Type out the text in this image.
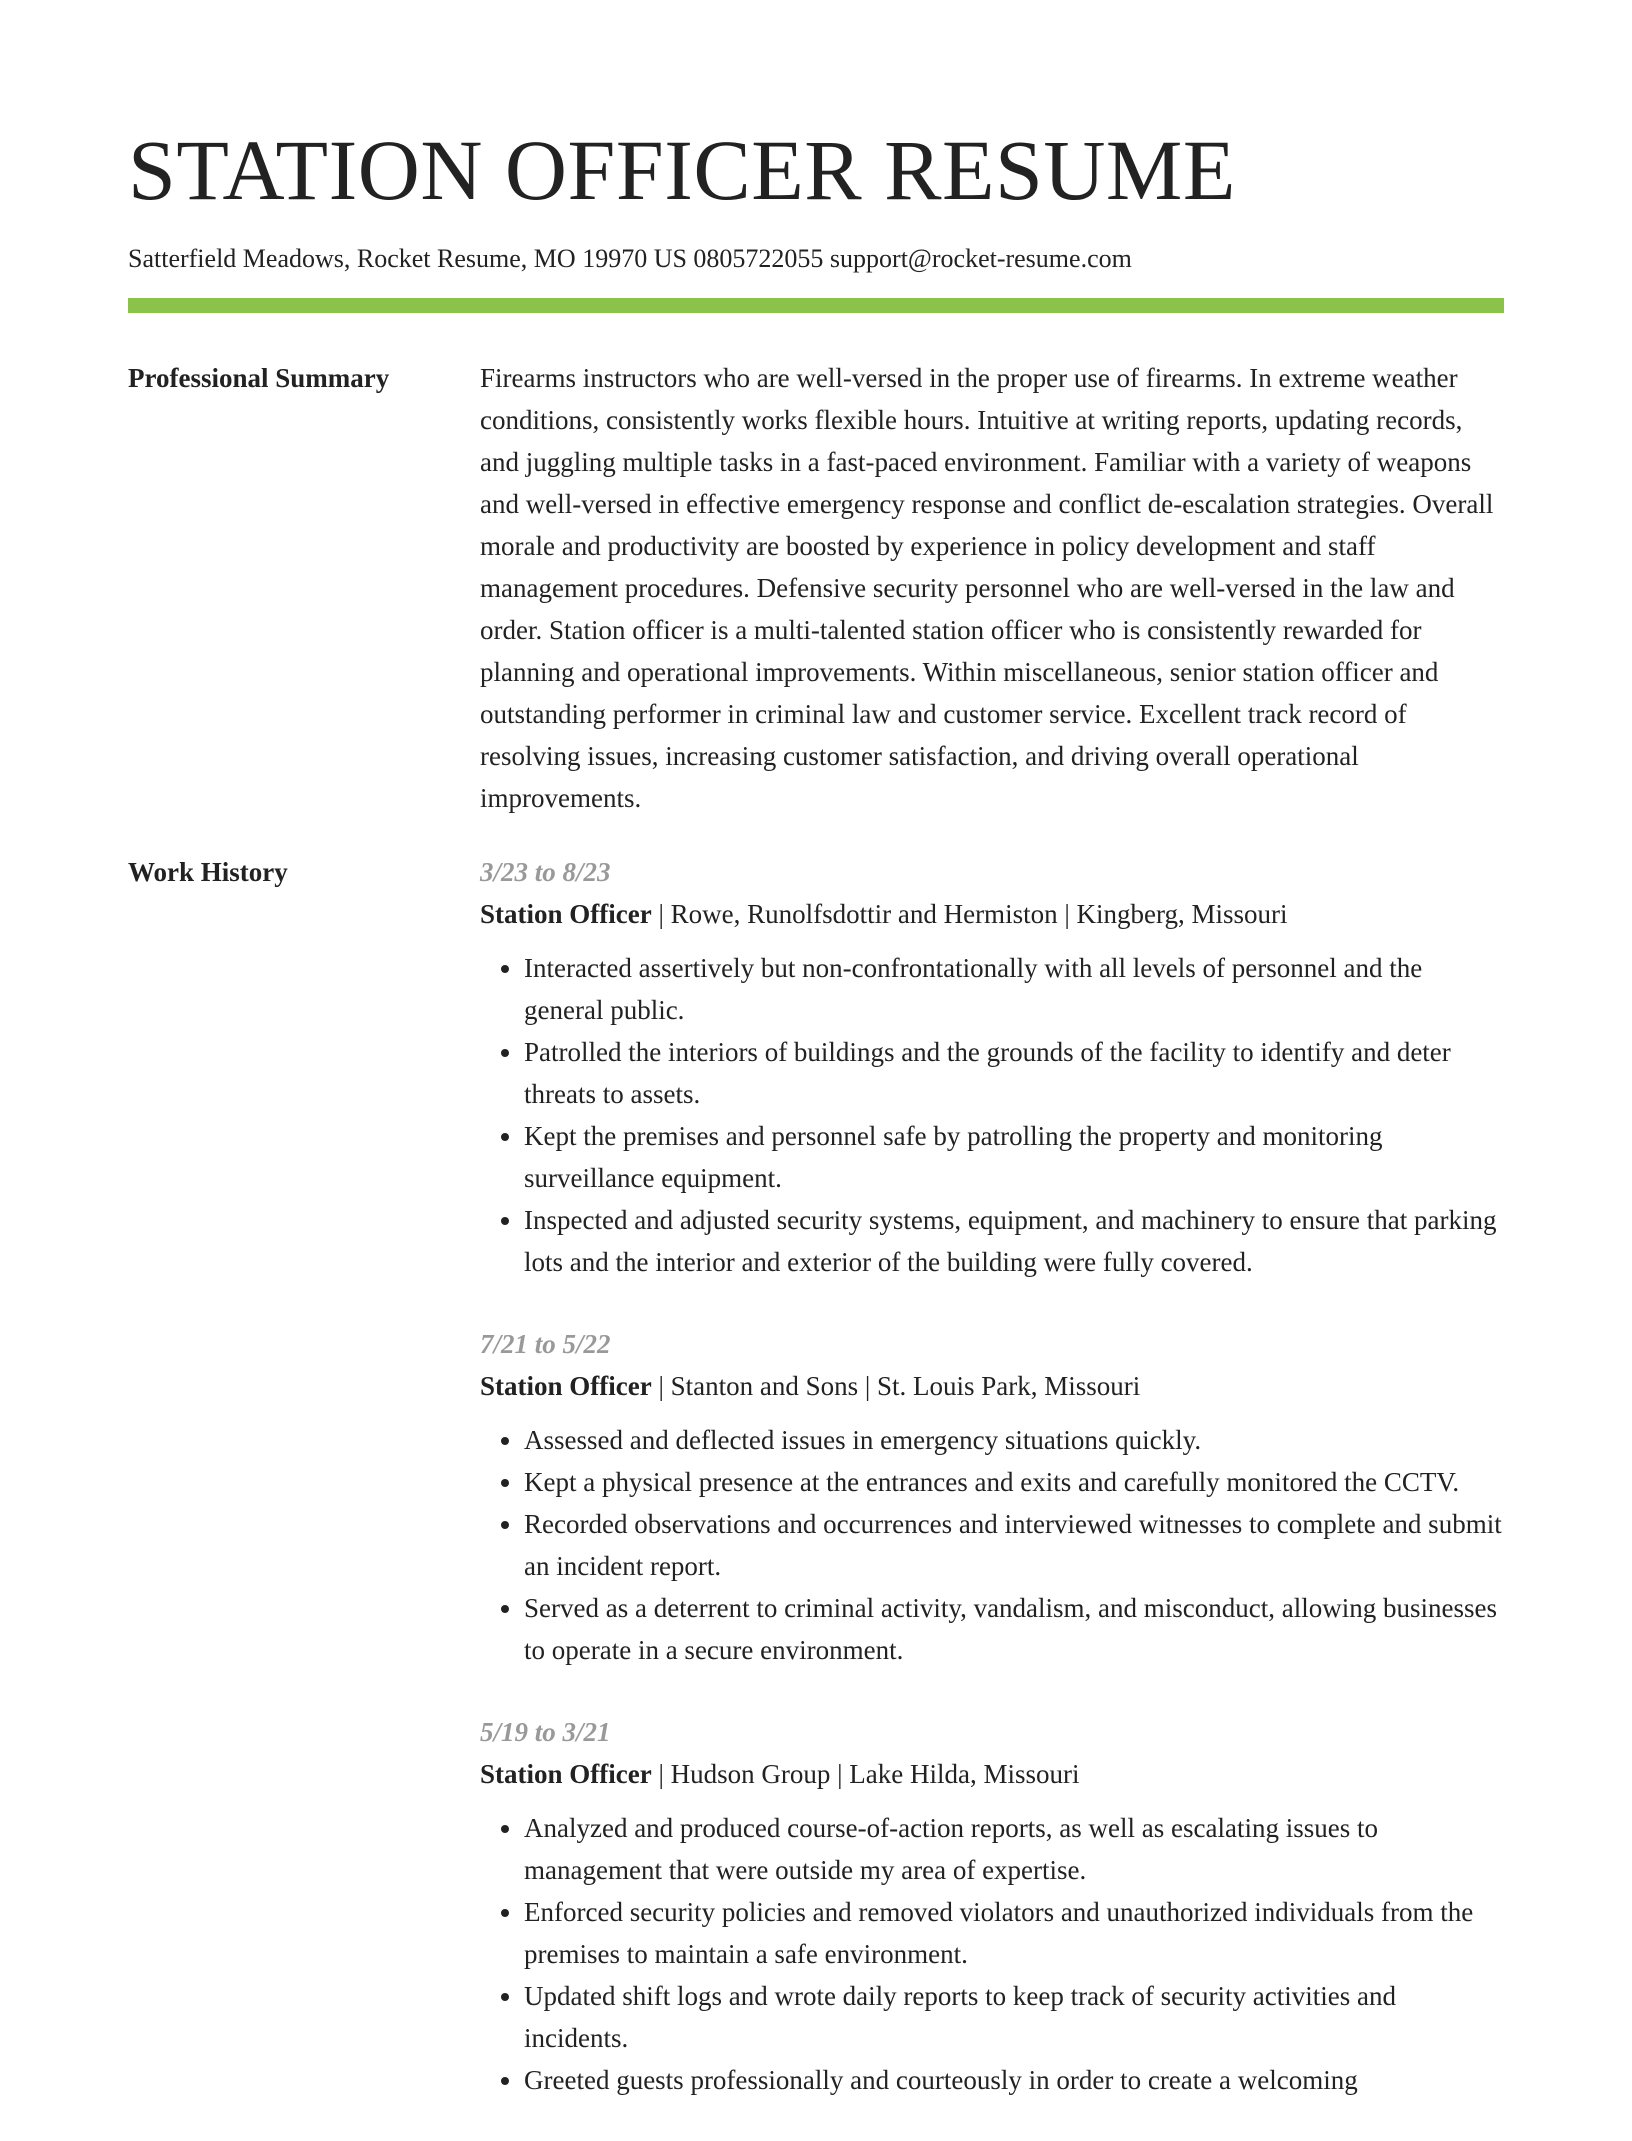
STATION OFFICER RESUME
Satterfield Meadows, Rocket Resume, MO 19970 US 0805722055 support@rocket-resume.com
Professional Summary	Firearms instructors who are well-versed in the proper use of firearms. In extreme weather conditions, consistently works flexible hours. Intuitive at writing reports, updating records, and juggling multiple tasks in a fast-paced environment. Familiar with a variety of weapons and well-versed in effective emergency response and conflict de-escalation strategies. Overall morale and productivity are boosted by experience in policy development and staff management procedures. Defensive security personnel who are well-versed in the law and order. Station officer is a multi-talented station officer who is consistently rewarded for planning and operational improvements. Within miscellaneous, senior station officer and outstanding performer in criminal law and customer service. Excellent track record of resolving issues, increasing customer satisfaction, and driving overall operational improvements.

Work History	3/23 to 8/23
Station Officer | Rowe, Runolfsdottir and Hermiston | Kingberg, Missouri
• Interacted assertively but non-confrontationally with all levels of personnel and the general public.
• Patrolled the interiors of buildings and the grounds of the facility to identify and deter threats to assets.
• Kept the premises and personnel safe by patrolling the property and monitoring surveillance equipment.
• Inspected and adjusted security systems, equipment, and machinery to ensure that parking lots and the interior and exterior of the building were fully covered.
7/21 to 5/22
Station Officer | Stanton and Sons | St. Louis Park, Missouri
• Assessed and deflected issues in emergency situations quickly.
• Kept a physical presence at the entrances and exits and carefully monitored the CCTV.
• Recorded observations and occurrences and interviewed witnesses to complete and submit an incident report.
• Served as a deterrent to criminal activity, vandalism, and misconduct, allowing businesses to operate in a secure environment.
5/19 to 3/21
Station Officer | Hudson Group | Lake Hilda, Missouri
• Analyzed and produced course-of-action reports, as well as escalating issues to management that were outside my area of expertise.
• Enforced security policies and removed violators and unauthorized individuals from the premises to maintain a safe environment.
• Updated shift logs and wrote daily reports to keep track of security activities and incidents.
• Greeted guests professionally and courteously in order to create a welcoming
